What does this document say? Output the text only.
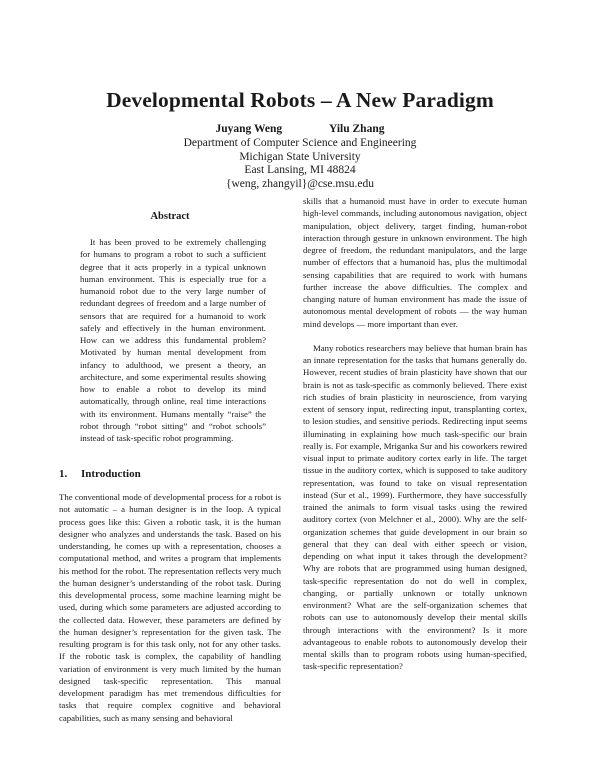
Developmental Robots – A New Paradigm
Juyang Weng	Yilu Zhang
Department of Computer Science and Engineering
Michigan State University
East Lansing, MI 48824
{weng, zhangyil}@cse.msu.edu
Abstract
It has been proved to be extremely challenging for humans to program a robot to such a sufficient degree that it acts properly in a typical unknown human environment. This is especially true for a humanoid robot due to the very large number of redundant degrees of freedom and a large number of sensors that are required for a humanoid to work safely and effectively in the human environment. How can we address this fundamental problem? Motivated by human mental development from infancy to adulthood, we present a theory, an architecture, and some experimental results showing how to enable a robot to develop its mind automatically, through online, real time interactions with its environment. Humans mentally “raise” the robot through “robot sitting” and “robot schools” instead of task-specific robot programming.
1. Introduction

The conventional mode of developmental process for a robot is not automatic – a human designer is in the loop. A typical process goes like this: Given a robotic task, it is the human designer who analyzes and understands the task. Based on his understanding, he comes up with a representation, chooses a computational method, and writes a program that implements his method for the robot. The representation reflects very much the human designer’s understanding of the robot task. During this developmental process, some machine learning might be used, during which some parameters are adjusted according to the collected data. However, these parameters are defined by the human designer’s representation for the given task. The resulting program is for this task only, not for any other tasks. If the robotic task is complex, the capability of handling variation of environment is very much limited by the human designed task-specific representation. This manual development paradigm has met tremendous difficulties for tasks that require complex cognitive and behavioral capabilities, such as many sensing and behavioral

skills that a humanoid must have in order to execute human high-level commands, including autonomous navigation, object manipulation, object delivery, target finding, human-robot interaction through gesture in unknown environment. The high degree of freedom, the redundant manipulators, and the large number of effectors that a humanoid has, plus the multimodal sensing capabilities that are required to work with humans further increase the above difficulties. The complex and changing nature of human environment has made the issue of autonomous mental development of robots — the way human mind develops — more important than ever.

Many robotics researchers may believe that human brain has an innate representation for the tasks that humans generally do. However, recent studies of brain plasticity have shown that our brain is not as task-specific as commonly believed. There exist rich studies of brain plasticity in neuroscience, from varying extent of sensory input, redirecting input, transplanting cortex, to lesion studies, and sensitive periods. Redirecting input seems illuminating in explaining how much task-specific our brain really is. For example, Mriganka Sur and his coworkers rewired visual input to primate auditory cortex early in life. The target tissue in the auditory cortex, which is supposed to take auditory representation, was found to take on visual representation instead (Sur et al., 1999). Furthermore, they have successfully trained the animals to form visual tasks using the rewired auditory cortex (von Melchner et al., 2000). Why are the self-organization schemes that guide development in our brain so general that they can deal with either speech or vision, depending on what input it takes through the development? Why are robots that are programmed using human designed, task-specific representation do not do well in complex, changing, or partially unknown or totally unknown environment? What are the self-organization schemes that robots can use to autonomously develop their mental skills through interactions with the environment? Is it more advantageous to enable robots to autonomously develop their mental skills than to program robots using human-specified, task-specific representation?
